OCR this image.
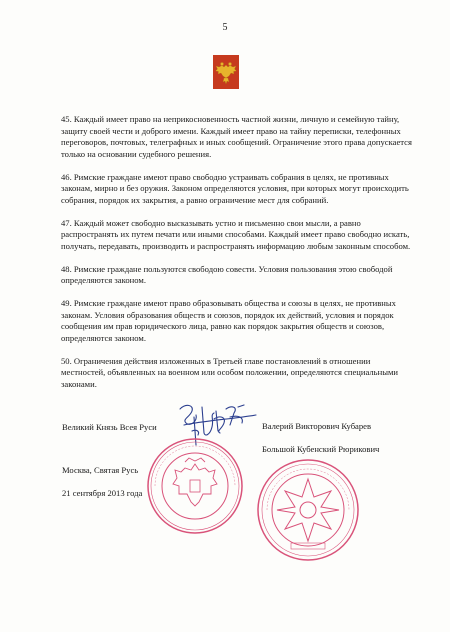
5

45. Каждый имеет право на неприкосновенность частной жизни, личную и семейную тайну, защиту своей чести и доброго имени. Каждый имеет право на тайну переписки, телефонных переговоров, почтовых, телеграфных и иных сообщений. Ограничение этого права допускается только на основании судебного решения.

46. Римские граждане имеют право свободно устраивать собрания в целях, не противных законам, мирно и без оружия. Законом определяются условия, при которых могут происходить собрания, порядок их закрытия, а равно ограничение мест для собраний.

47. Каждый может свободно высказывать устно и письменно свои мысли, а равно распространять их путем печати или иными способами. Каждый имеет право свободно искать, получать, передавать, производить и распространять информацию любым законным способом.

48. Римские граждане пользуются свободою совести. Условия пользования этою свободой определяются законом.

49. Римские граждане имеют право образовывать общества и союзы в целях, не противных законам. Условия образования обществ и союзов, порядок их действий, условия и порядок сообщения им прав юридического лица, равно как порядок закрытия обществ и союзов, определяются законом.

50. Ограничения действия изложенных в Третьей главе постановлений в отношении местностей, объявленных на военном или особом положении, определяются специальными законами.

Великий Князь Всея Руси	Валерий Викторович Кубарев
Большой Кубенский Рюрикович
Москва, Святая Русь
21 сентября 2013 года
